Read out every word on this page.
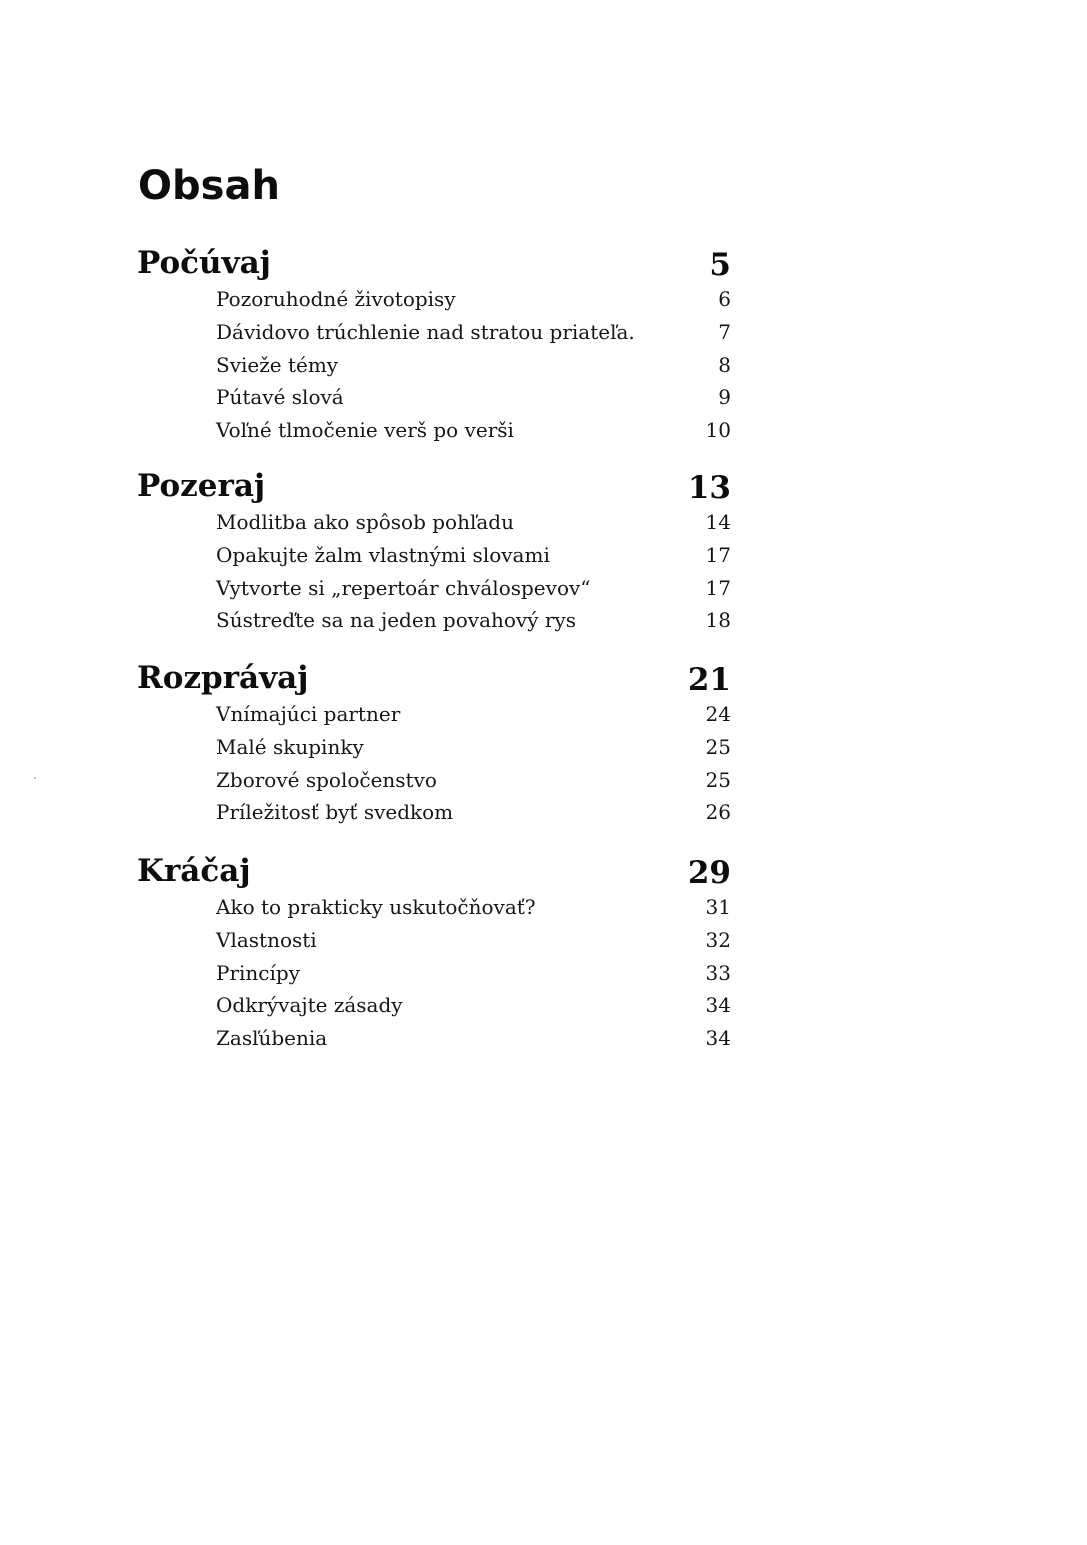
Obsah
Počúvaj	5
Pozoruhodné životopisy	6
Dávidovo trúchlenie nad stratou priateľa.	7
Svieže témy	8
Pútavé slová	9
Voľné tlmočenie verš po verši	10
Pozeraj	13
Modlitba ako spôsob pohľadu	14
Opakujte žalm vlastnými slovami	17
Vytvorte si „repertoár chválospevov“	17
Sústreďte sa na jeden povahový rys	18
Rozprávaj	21
Vnímajúci partner	24
Malé skupinky	25
Zborové spoločenstvo	25
Príležitosť byť svedkom	26
Kráčaj	29
Ako to prakticky uskutočňovať?	31
Vlastnosti	32
Princípy	33
Odkrývajte zásady	34
Zasľúbenia	34
